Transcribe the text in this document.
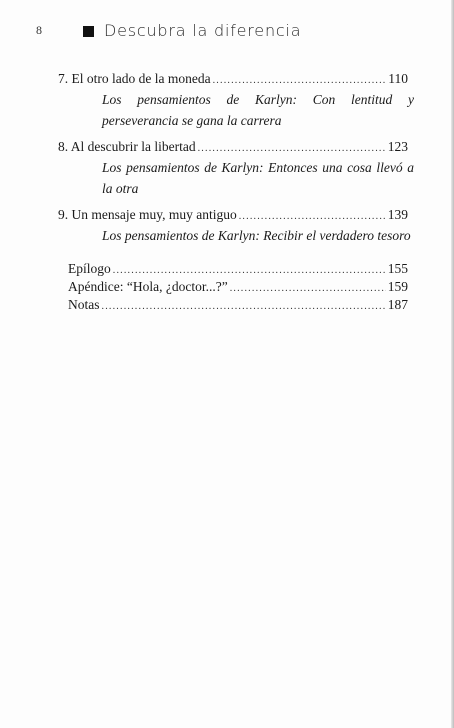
8	Descubra la diferencia
7. El otro lado de la moneda .....	110
Los pensamientos de Karlyn: Con lentitud y perseverancia se gana la carrera
8. Al descubrir la libertad .....	123
Los pensamientos de Karlyn: Entonces una cosa llevó a la otra
9. Un mensaje muy, muy antiguo .....	139
Los pensamientos de Karlyn: Recibir el verdadero tesoro
Epílogo .....	155
Apéndice: “Hola, ¿doctor...?” .....	159
Notas .....	187
